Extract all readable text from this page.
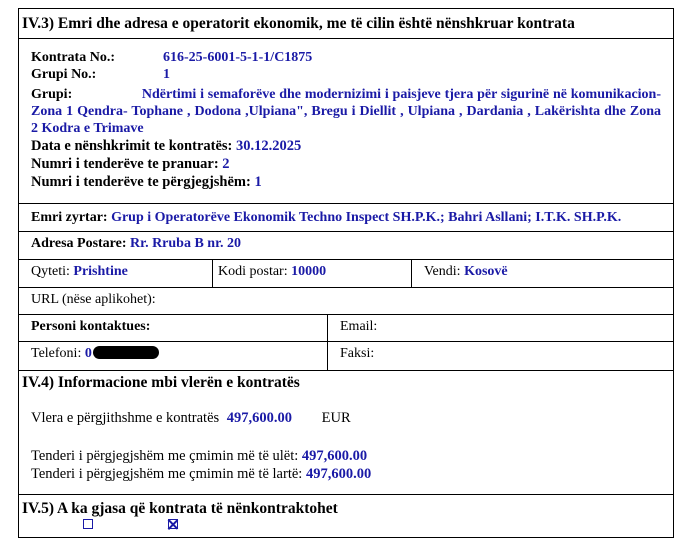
IV.3) Emri dhe adresa e operatorit ekonomik, me të cilin është nënshkruar kontrata
Kontrata No.:	616-25-6001-5-1-1/C1875
Grupi No.:	1
Grupi:	Ndërtimi i semaforëve dhe modernizimi i paisjeve tjera për sigurinë në komunikacion- Zona 1 Qendra- Tophane , Dodona ,Ulpiana", Bregu i Diellit , Ulpiana , Dardania , Lakërishta dhe Zona 2 Kodra e Trimave
Data e nënshkrimit te kontratës: 30.12.2025
Numri i tenderëve te pranuar: 2
Numri i tenderëve te përgjegjshëm: 1
Emri zyrtar: Grup i Operatorëve Ekonomik Techno Inspect SH.P.K.; Bahri Asllani; I.T.K. SH.P.K.
Adresa Postare: Rr. Rruba B nr. 20
Qyteti: Prishtine	Kodi postar: 10000	Vendi: Kosovë
URL (nëse aplikohet):
Personi kontaktues:	Email:
Telefoni: 0	Faksi:
IV.4) Informacione mbi vlerën e kontratës
Vlera e përgjithshme e kontratës 497,600.00 EUR
Tenderi i përgjegjshëm me çmimin më të ulët: 497,600.00
Tenderi i përgjegjshëm me çmimin më të lartë: 497,600.00
IV.5) A ka gjasa që kontrata të nënkontraktohet
